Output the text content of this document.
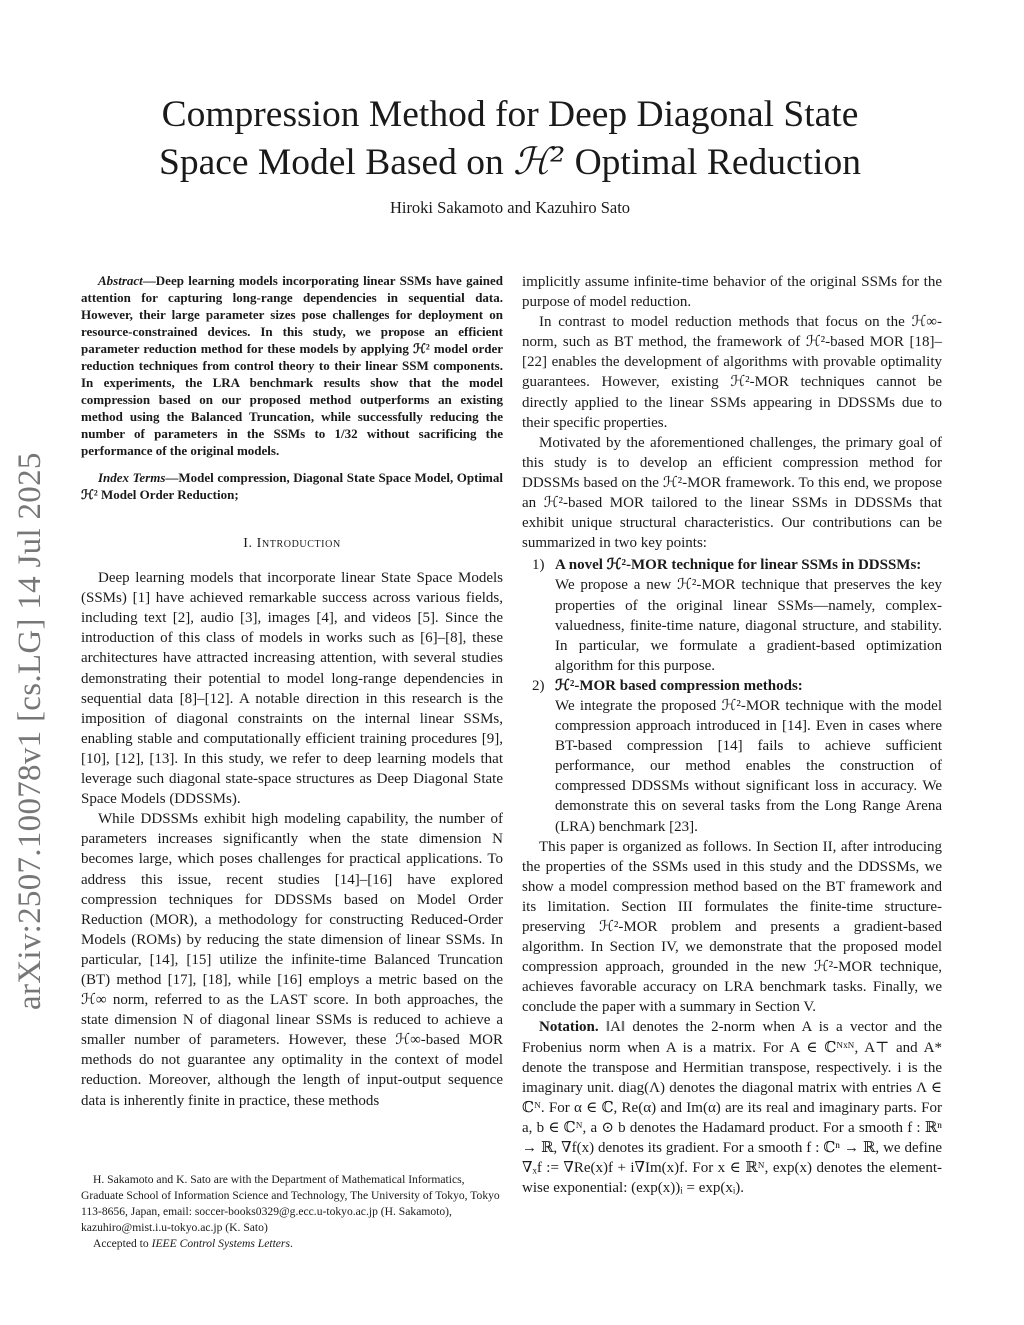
arXiv:2507.10078v1 [cs.LG] 14 Jul 2025
Compression Method for Deep Diagonal State
Space Model Based on ℋ² Optimal Reduction
Hiroki Sakamoto and Kazuhiro Sato

Abstract—Deep learning models incorporating linear SSMs have gained attention for capturing long-range dependencies in sequential data. However, their large parameter sizes pose challenges for deployment on resource-constrained devices. In this study, we propose an efficient parameter reduction method for these models by applying ℋ² model order reduction techniques from control theory to their linear SSM components. In experiments, the LRA benchmark results show that the model compression based on our proposed method outperforms an existing method using the Balanced Truncation, while successfully reducing the number of parameters in the SSMs to 1/32 without sacrificing the performance of the original models.

Index Terms—Model compression, Diagonal State Space Model, Optimal ℋ² Model Order Reduction;

I. Introduction

Deep learning models that incorporate linear State Space Models (SSMs) [1] have achieved remarkable success across various fields, including text [2], audio [3], images [4], and videos [5]. Since the introduction of this class of models in works such as [6]–[8], these architectures have attracted increasing attention, with several studies demonstrating their potential to model long-range dependencies in sequential data [8]–[12]. A notable direction in this research is the imposition of diagonal constraints on the internal linear SSMs, enabling stable and computationally efficient training procedures [9], [10], [12], [13]. In this study, we refer to deep learning models that leverage such diagonal state-space structures as Deep Diagonal State Space Models (DDSSMs).

While DDSSMs exhibit high modeling capability, the number of parameters increases significantly when the state dimension N becomes large, which poses challenges for practical applications. To address this issue, recent studies [14]–[16] have explored compression techniques for DDSSMs based on Model Order Reduction (MOR), a methodology for constructing Reduced-Order Models (ROMs) by reducing the state dimension of linear SSMs. In particular, [14], [15] utilize the infinite-time Balanced Truncation (BT) method [17], [18], while [16] employs a metric based on the ℋ∞ norm, referred to as the LAST score. In both approaches, the state dimension N of diagonal linear SSMs is reduced to achieve a smaller number of parameters. However, these ℋ∞-based MOR methods do not guarantee any optimality in the context of model reduction. Moreover, although the length of input-output sequence data is inherently finite in practice, these methods

H. Sakamoto and K. Sato are with the Department of Mathematical Informatics, Graduate School of Information Science and Technology, The University of Tokyo, Tokyo 113-8656, Japan, email: soccer-books0329@g.ecc.u-tokyo.ac.jp (H. Sakamoto), kazuhiro@mist.i.u-tokyo.ac.jp (K. Sato)

Accepted to IEEE Control Systems Letters.

implicitly assume infinite-time behavior of the original SSMs for the purpose of model reduction.

In contrast to model reduction methods that focus on the ℋ∞-norm, such as BT method, the framework of ℋ²-based MOR [18]–[22] enables the development of algorithms with provable optimality guarantees. However, existing ℋ²-MOR techniques cannot be directly applied to the linear SSMs appearing in DDSSMs due to their specific properties.

Motivated by the aforementioned challenges, the primary goal of this study is to develop an efficient compression method for DDSSMs based on the ℋ²-MOR framework. To this end, we propose an ℋ²-based MOR tailored to the linear SSMs in DDSSMs that exhibit unique structural characteristics. Our contributions can be summarized in two key points:

1) A novel ℋ²-MOR technique for linear SSMs in DDSSMs:
We propose a new ℋ²-MOR technique that preserves the key properties of the original linear SSMs—namely, complex-valuedness, finite-time nature, diagonal structure, and stability. In particular, we formulate a gradient-based optimization algorithm for this purpose.
2) ℋ²-MOR based compression methods:
We integrate the proposed ℋ²-MOR technique with the model compression approach introduced in [14]. Even in cases where BT-based compression [14] fails to achieve sufficient performance, our method enables the construction of compressed DDSSMs without significant loss in accuracy. We demonstrate this on several tasks from the Long Range Arena (LRA) benchmark [23].

This paper is organized as follows. In Section II, after introducing the properties of the SSMs used in this study and the DDSSMs, we show a model compression method based on the BT framework and its limitation. Section III formulates the finite-time structure-preserving ℋ²-MOR problem and presents a gradient-based algorithm. In Section IV, we demonstrate that the proposed model compression approach, grounded in the new ℋ²-MOR technique, achieves favorable accuracy on LRA benchmark tasks. Finally, we conclude the paper with a summary in Section V.

Notation. ‖A‖ denotes the 2-norm when A is a vector and the Frobenius norm when A is a matrix. For A ∈ ℂᴺˣᴺ, A⊤ and A* denote the transpose and Hermitian transpose, respectively. i is the imaginary unit. diag(Λ) denotes the diagonal matrix with entries Λ ∈ ℂᴺ. For α ∈ ℂ, Re(α) and Im(α) are its real and imaginary parts. For a, b ∈ ℂᴺ, a ⊙ b denotes the Hadamard product. For a smooth f : ℝⁿ → ℝ, ∇f(x) denotes its gradient. For a smooth f : ℂⁿ → ℝ, we define ∇ₓf := ∇Re(x)f + i∇Im(x)f. For x ∈ ℝᴺ, exp(x) denotes the element-wise exponential: (exp(x))ᵢ = exp(xᵢ).
